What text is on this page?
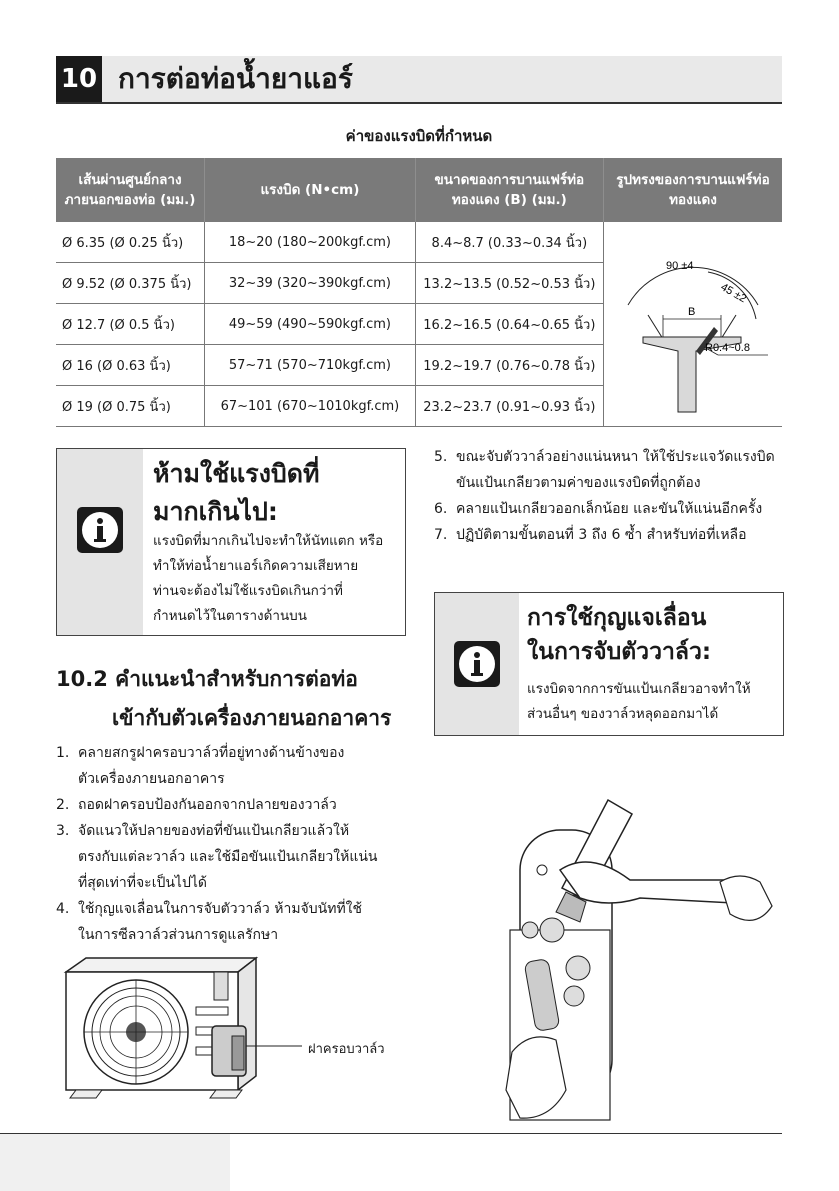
10 การต่อท่อน้ำยาแอร์
ค่าของแรงบิดที่กำหนด
เส้นผ่านศูนย์กลางภายนอกของท่อ (มม.)	แรงบิด (N•cm)	ขนาดของการบานแฟร์ท่อทองแดง (B) (มม.)	รูปทรงของการบานแฟร์ท่อทองแดง
Ø 6.35 (Ø 0.25 นิ้ว)	18~20 (180~200kgf.cm)	8.4~8.7 (0.33~0.34 นิ้ว)	90 ±4
45 ±2
B
R0.4~0.8

Ø 9.52 (Ø 0.375 นิ้ว)	32~39 (320~390kgf.cm)	13.2~13.5 (0.52~0.53 นิ้ว)	
Ø 12.7 (Ø 0.5 นิ้ว)	49~59 (490~590kgf.cm)	16.2~16.5 (0.64~0.65 นิ้ว)	
Ø 16 (Ø 0.63 นิ้ว)	57~71 (570~710kgf.cm)	19.2~19.7 (0.76~0.78 นิ้ว)	
Ø 19 (Ø 0.75 นิ้ว)	67~101 (670~1010kgf.cm)	23.2~23.7 (0.91~0.93 นิ้ว)	
ห้ามใช้แรงบิดที่
มากเกินไป:
แรงบิดที่มากเกินไปจะทำให้นัทแตก หรือ
ทำให้ท่อน้ำยาแอร์เกิดความเสียหาย
ท่านจะต้องไม่ใช้แรงบิดเกินกว่าที่
กำหนดไว้ในตารางด้านบน
10.2 คำแนะนำสำหรับการต่อท่อ
เข้ากับตัวเครื่องภายนอกอาคาร
1. คลายสกรูฝาครอบวาล์วที่อยู่ทางด้านข้างของ
ตัวเครื่องภายนอกอาคาร
2. ถอดฝาครอบป้องกันออกจากปลายของวาล์ว
3. จัดแนวให้ปลายของท่อที่ขันแป้นเกลียวแล้วให้
ตรงกับแต่ละวาล์ว และใช้มือขันแป้นเกลียวให้แน่น
ที่สุดเท่าที่จะเป็นไปได้
4. ใช้กุญแจเลื่อนในการจับตัววาล์ว ห้ามจับนัทที่ใช้
ในการซีลวาล์วส่วนการดูแลรักษา
5. ขณะจับตัววาล์วอย่างแน่นหนา ให้ใช้ประแจวัดแรงบิด
ขันแป้นเกลียวตามค่าของแรงบิดที่ถูกต้อง
6. คลายแป้นเกลียวออกเล็กน้อย และขันให้แน่นอีกครั้ง
7. ปฏิบัติตามขั้นตอนที่ 3 ถึง 6 ซ้ำ สำหรับท่อที่เหลือ
การใช้กุญแจเลื่อน
ในการจับตัววาล์ว:
แรงบิดจากการขันแป้นเกลียวอาจทำให้
ส่วนอื่นๆ ของวาล์วหลุดออกมาได้
ฝาครอบวาล์ว
